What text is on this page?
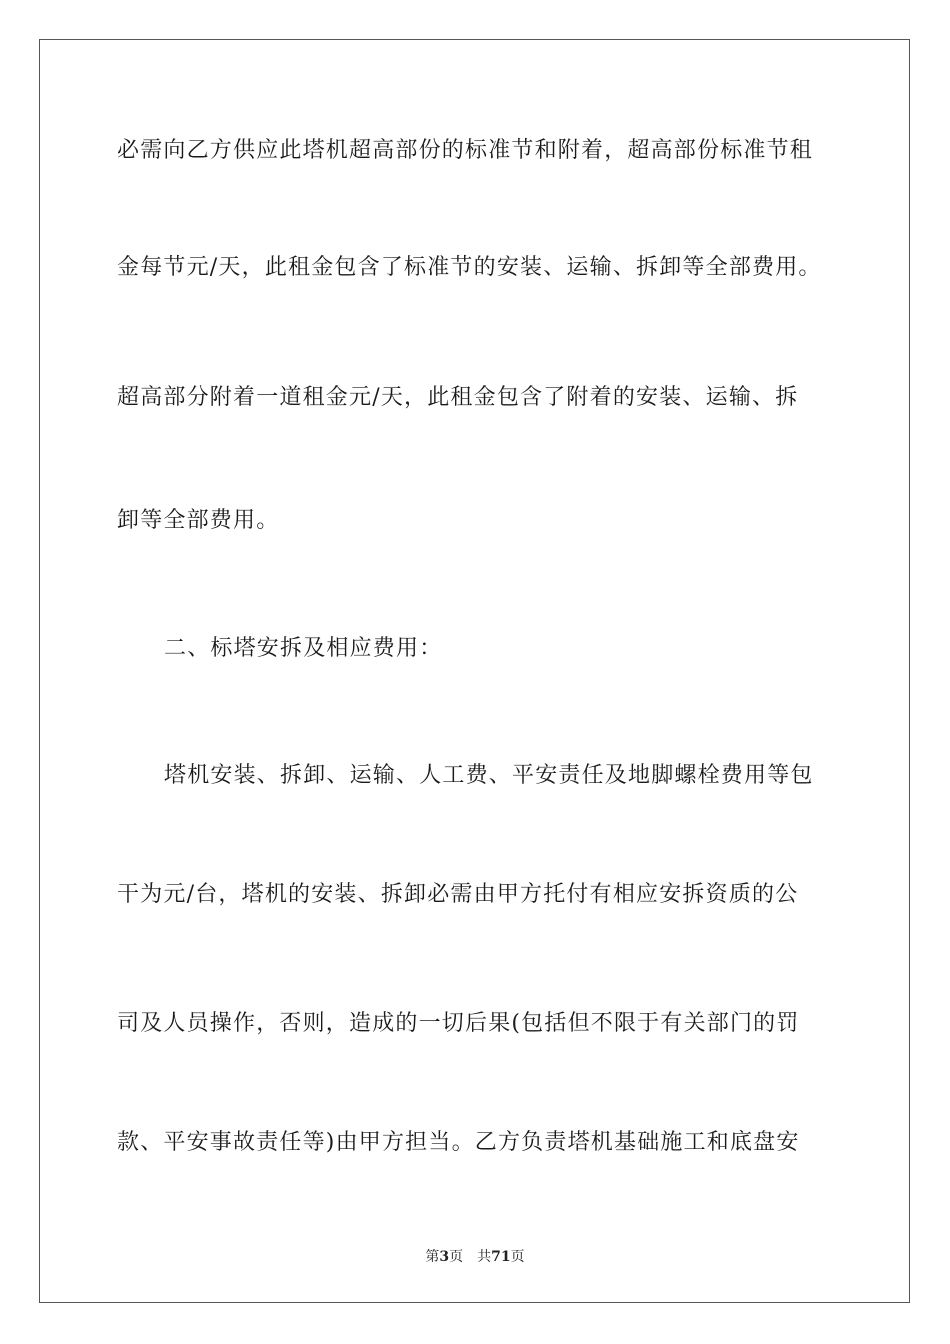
必需向乙方供应此塔机超高部份的标准节和附着，超高部份标准节租

金每节元/天，此租金包含了标准节的安装、运输、拆卸等全部费用。

超高部分附着一道租金元/天，此租金包含了附着的安装、运输、拆

卸等全部费用。

二、标塔安拆及相应费用：

塔机安装、拆卸、运输、人工费、平安责任及地脚螺栓费用等包

干为元/台，塔机的安装、拆卸必需由甲方托付有相应安拆资质的公

司及人员操作，否则，造成的一切后果(包括但不限于有关部门的罚

款、平安事故责任等)由甲方担当。乙方负责塔机基础施工和底盘安

第3页 共71页
